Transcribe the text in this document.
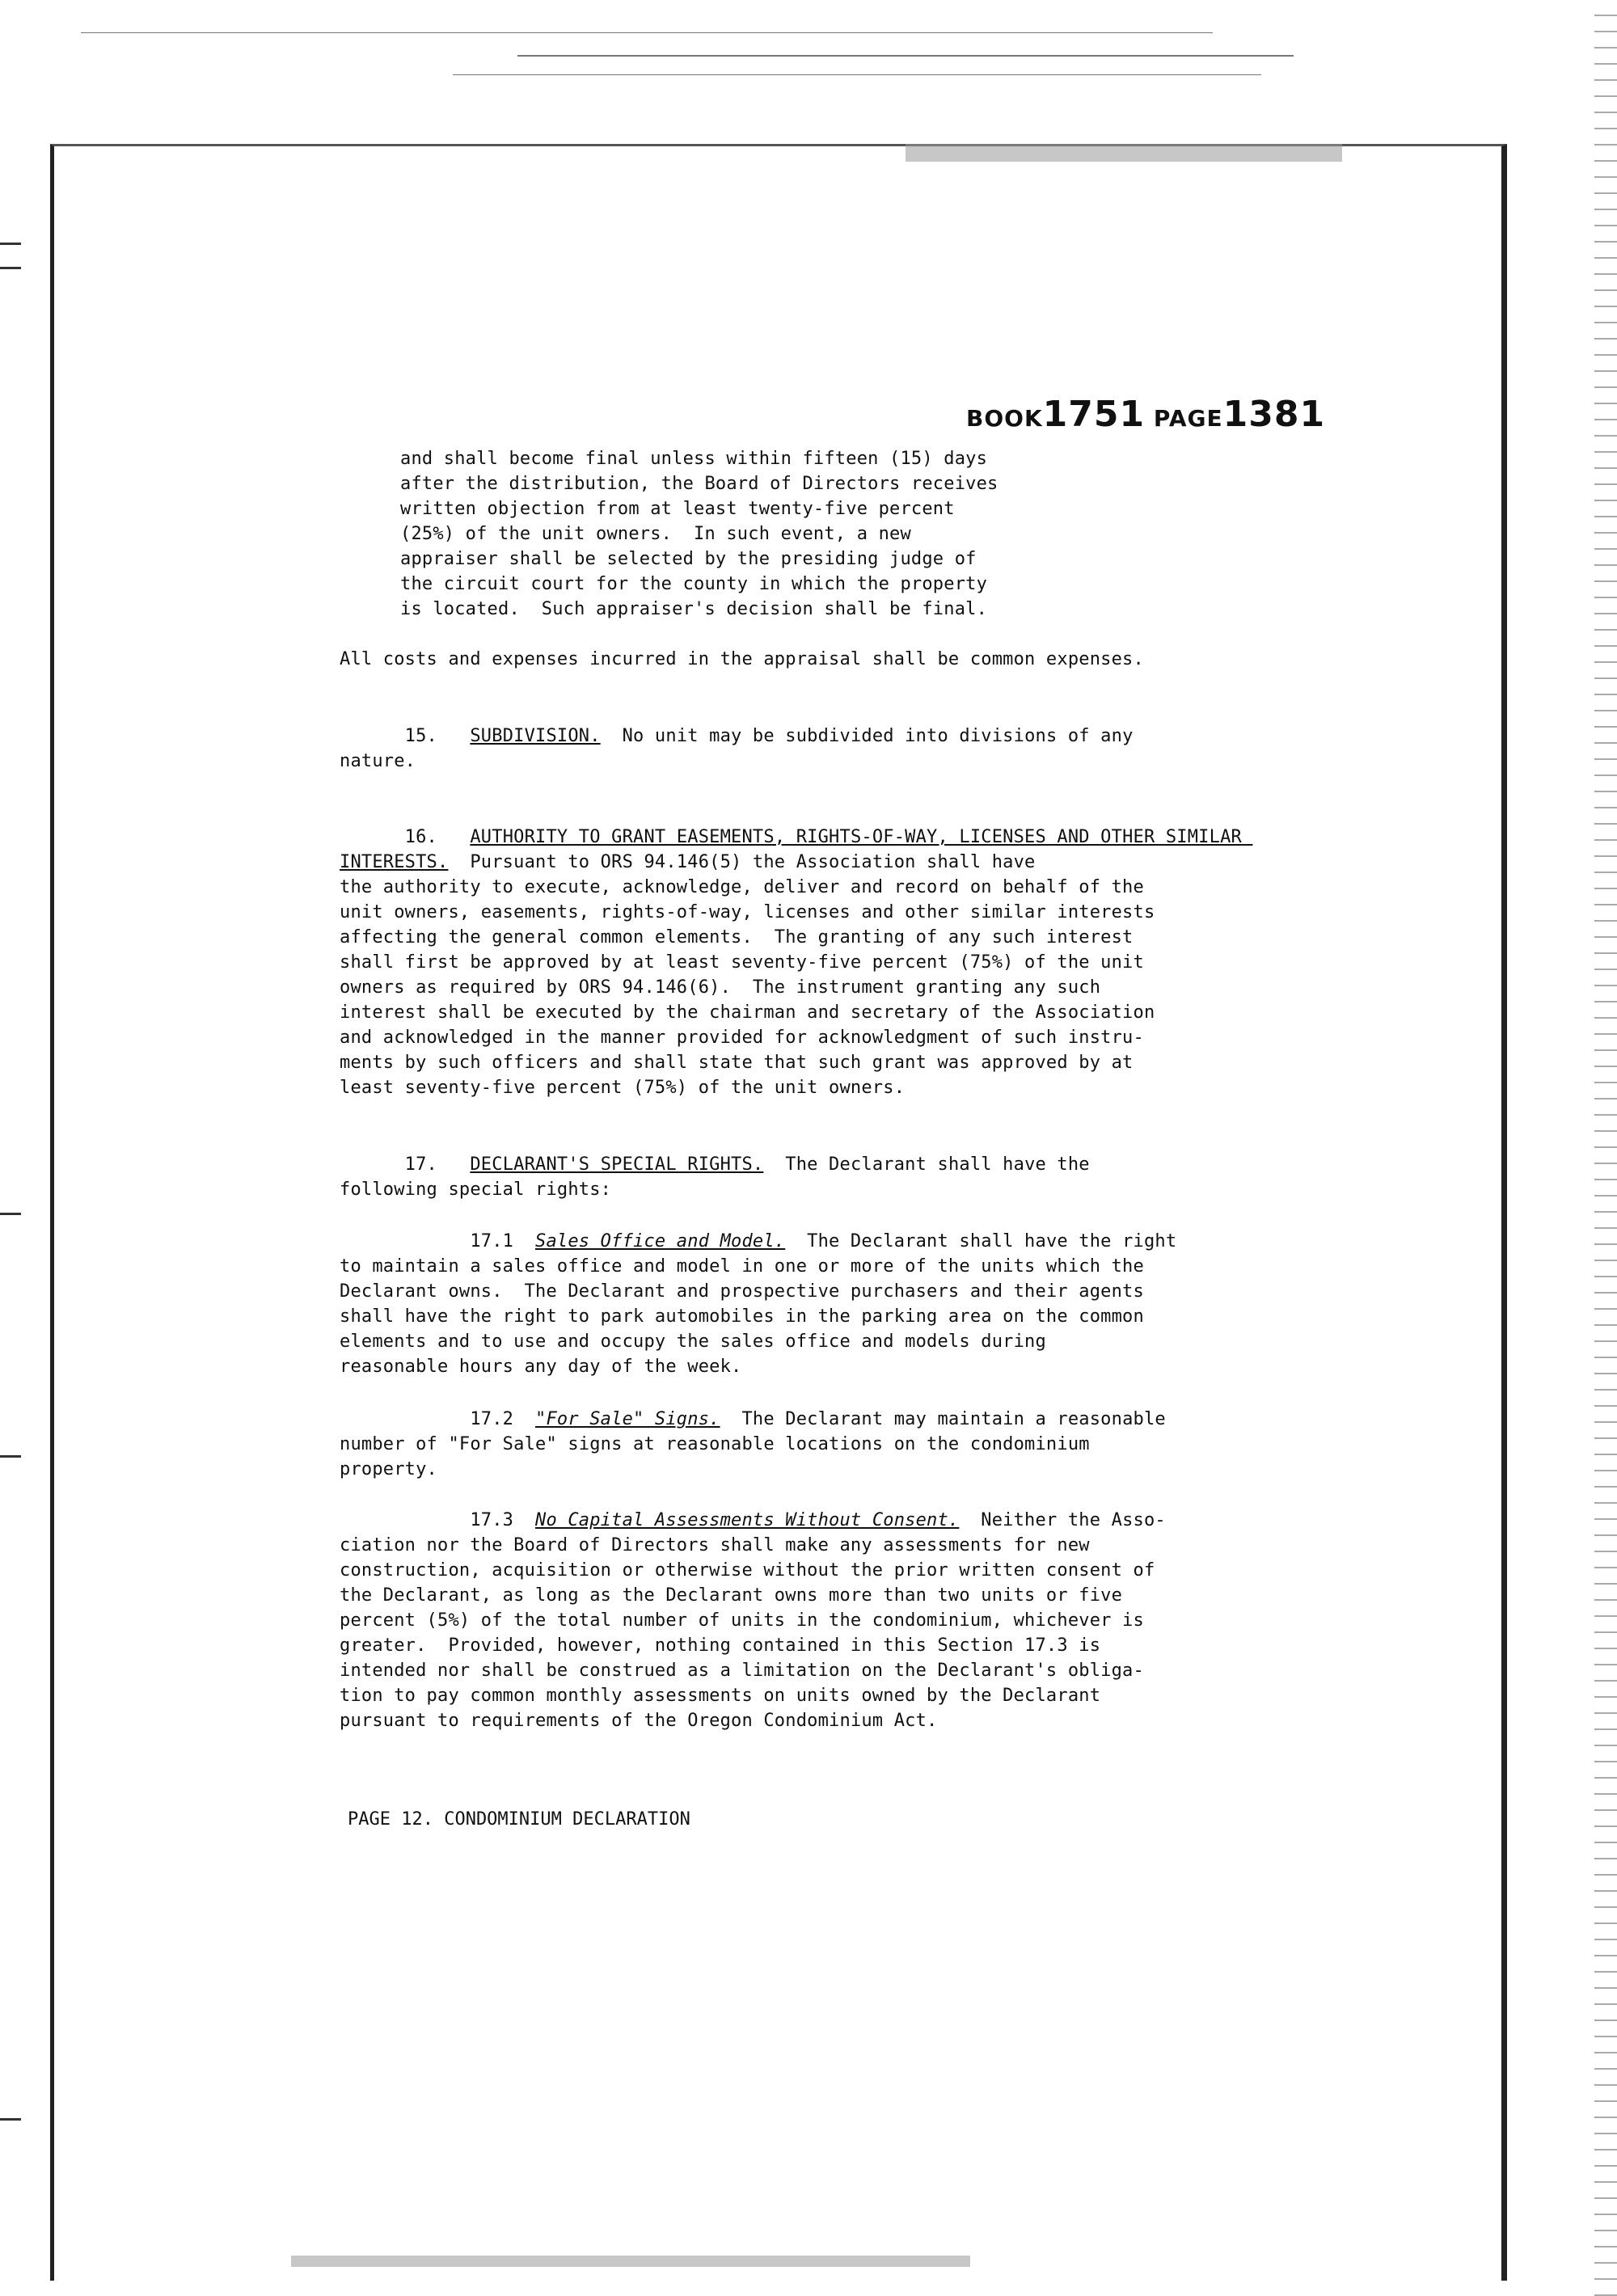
BOOK1751 PAGE1381

and shall become final unless within fifteen (15) days
after the distribution, the Board of Directors receives
written objection from at least twenty-five percent
(25%) of the unit owners.  In such event, a new
appraiser shall be selected by the presiding judge of
the circuit court for the county in which the property
is located.  Such appraiser's decision shall be final.

All costs and expenses incurred in the appraisal shall be common expenses.

15. SUBDIVISION. No unit may be subdivided into divisions of any
nature.

16. AUTHORITY TO GRANT EASEMENTS, RIGHTS-OF-WAY, LICENSES AND OTHER SIMILAR INTERESTS. Pursuant to ORS 94.146(5) the Association shall have
the authority to execute, acknowledge, deliver and record on behalf of the
unit owners, easements, rights-of-way, licenses and other similar interests
affecting the general common elements.  The granting of any such interest
shall first be approved by at least seventy-five percent (75%) of the unit
owners as required by ORS 94.146(6).  The instrument granting any such
interest shall be executed by the chairman and secretary of the Association
and acknowledged in the manner provided for acknowledgment of such instru-
ments by such officers and shall state that such grant was approved by at
least seventy-five percent (75%) of the unit owners.

17. DECLARANT'S SPECIAL RIGHTS. The Declarant shall have the
following special rights:

17.1 Sales Office and Model. The Declarant shall have the right
to maintain a sales office and model in one or more of the units which the
Declarant owns.  The Declarant and prospective purchasers and their agents
shall have the right to park automobiles in the parking area on the common
elements and to use and occupy the sales office and models during
reasonable hours any day of the week.

17.2 "For Sale" Signs. The Declarant may maintain a reasonable
number of "For Sale" signs at reasonable locations on the condominium
property.

17.3 No Capital Assessments Without Consent. Neither the Asso-
ciation nor the Board of Directors shall make any assessments for new
construction, acquisition or otherwise without the prior written consent of
the Declarant, as long as the Declarant owns more than two units or five
percent (5%) of the total number of units in the condominium, whichever is
greater.  Provided, however, nothing contained in this Section 17.3 is
intended nor shall be construed as a limitation on the Declarant's obliga-
tion to pay common monthly assessments on units owned by the Declarant
pursuant to requirements of the Oregon Condominium Act.

PAGE 12. CONDOMINIUM DECLARATION
